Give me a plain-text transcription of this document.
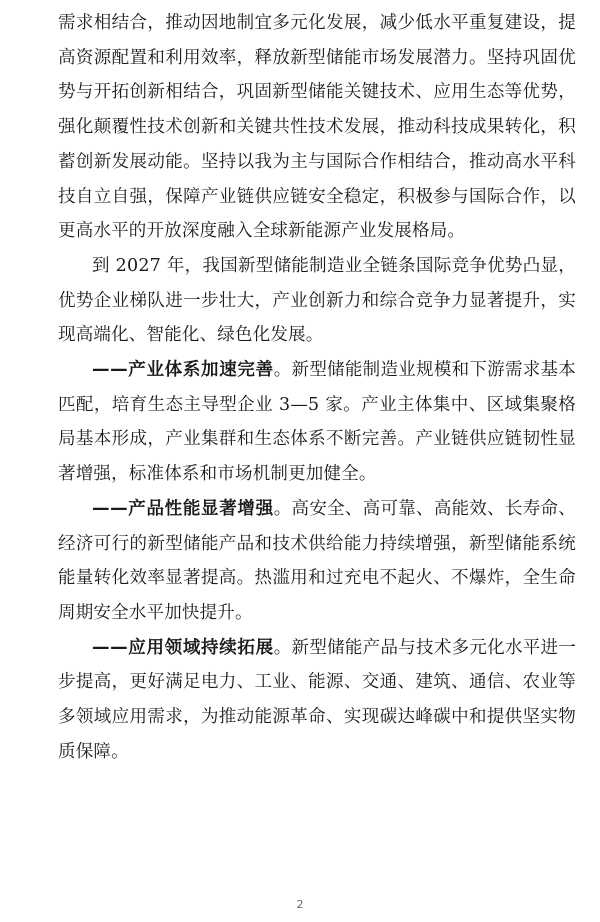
需求相结合，推动因地制宜多元化发展，减少低水平重复建设，提高资源配置和利用效率，释放新型储能市场发展潜力。坚持巩固优势与开拓创新相结合，巩固新型储能关键技术、应用生态等优势，强化颠覆性技术创新和关键共性技术发展，推动科技成果转化，积蓄创新发展动能。坚持以我为主与国际合作相结合，推动高水平科技自立自强，保障产业链供应链安全稳定，积极参与国际合作，以更高水平的开放深度融入全球新能源产业发展格局。

到 2027 年，我国新型储能制造业全链条国际竞争优势凸显，优势企业梯队进一步壮大，产业创新力和综合竞争力显著提升，实现高端化、智能化、绿色化发展。

——产业体系加速完善。新型储能制造业规模和下游需求基本匹配，培育生态主导型企业 3—5 家。产业主体集中、区域集聚格局基本形成，产业集群和生态体系不断完善。产业链供应链韧性显著增强，标准体系和市场机制更加健全。

——产品性能显著增强。高安全、高可靠、高能效、长寿命、经济可行的新型储能产品和技术供给能力持续增强，新型储能系统能量转化效率显著提高。热滥用和过充电不起火、不爆炸，全生命周期安全水平加快提升。

——应用领域持续拓展。新型储能产品与技术多元化水平进一步提高，更好满足电力、工业、能源、交通、建筑、通信、农业等多领域应用需求，为推动能源革命、实现碳达峰碳中和提供坚实物质保障。

2
